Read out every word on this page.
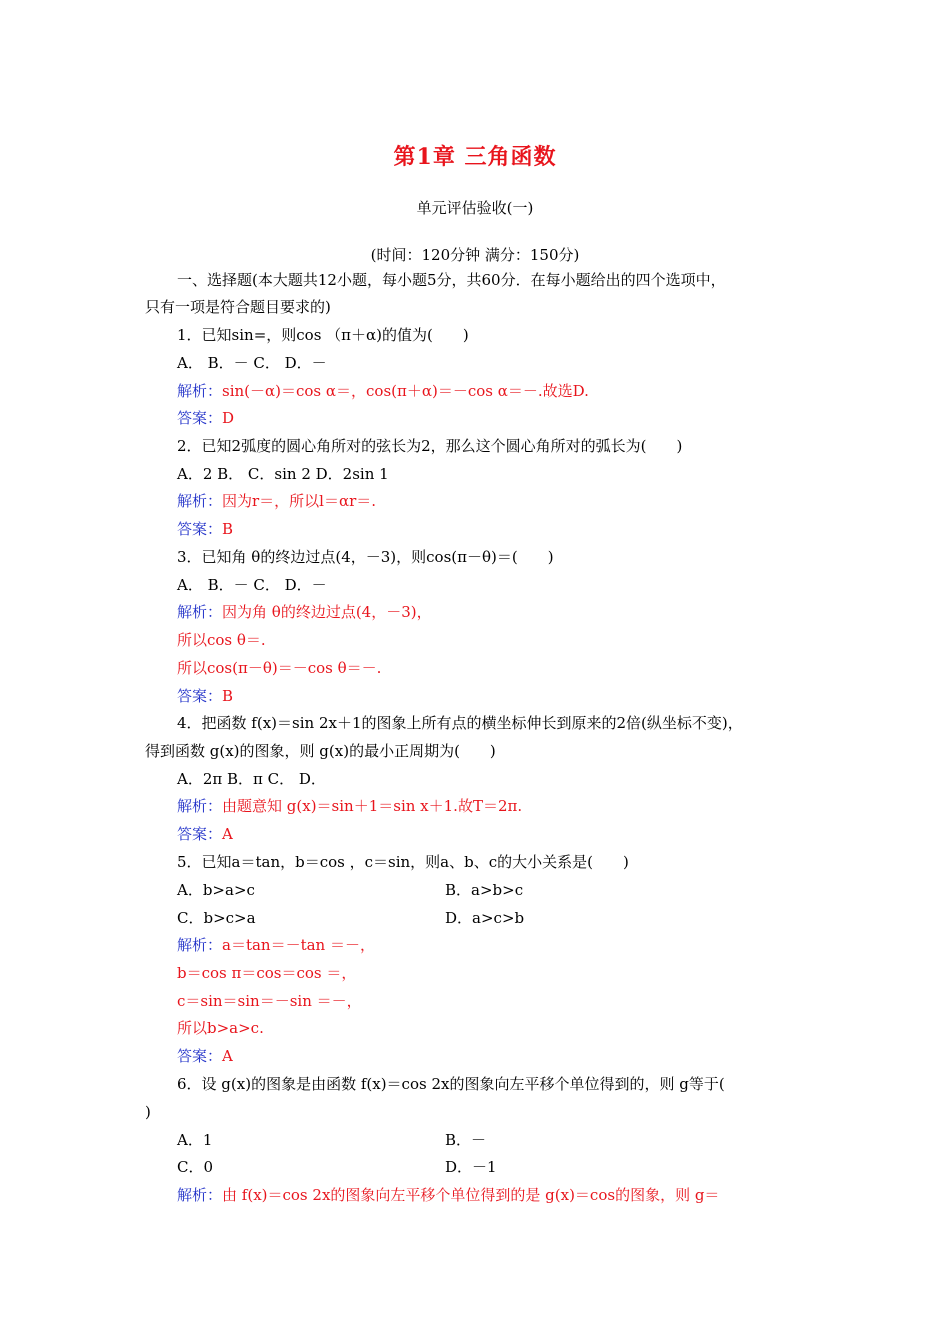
第1章 三角函数
单元评估验收(一)
(时间：120分钟 满分：150分)
一、选择题(本大题共12小题，每小题5分，共60分．在每小题给出的四个选项中，
只有一项是符合题目要求的)
1．已知sin=，则cos （π＋α)的值为(　　)
A． B．－ C． D．－
解析：sin(－α)＝cos α＝，cos(π＋α)＝－cos α＝－.故选D.
答案：D
2．已知2弧度的圆心角所对的弦长为2，那么这个圆心角所对的弧长为(　　)
A．2 B． C．sin 2 D．2sin 1
解析：因为r＝，所以l＝αr＝.
答案：B
3．已知角 θ的终边过点(4，－3)，则cos(π－θ)＝(　　)
A． B．－ C． D．－
解析：因为角 θ的终边过点(4，－3)，
所以cos θ＝.
所以cos(π－θ)＝－cos θ＝－.
答案：B
4．把函数 f(x)＝sin 2x＋1的图象上所有点的横坐标伸长到原来的2倍(纵坐标不变)，
得到函数 g(x)的图象，则 g(x)的最小正周期为(　　)
A．2π B．π C． D．
解析：由题意知 g(x)＝sin＋1＝sin x＋1.故T＝2π.
答案：A
5．已知a＝tan，b＝cos ，c＝sin，则a、b、c的大小关系是(　　)
A．b>a>c	B．a>b>c
C．b>c>a	D．a>c>b
解析：a＝tan＝－tan ＝－，
b＝cos π＝cos＝cos ＝，
c＝sin＝sin＝－sin ＝－，
所以b>a>c.
答案：A
6．设 g(x)的图象是由函数 f(x)＝cos 2x的图象向左平移个单位得到的，则 g等于(
)
A．1	B．－
C．0	D．－1
解析：由 f(x)＝cos 2x的图象向左平移个单位得到的是 g(x)＝cos的图象，则 g＝
